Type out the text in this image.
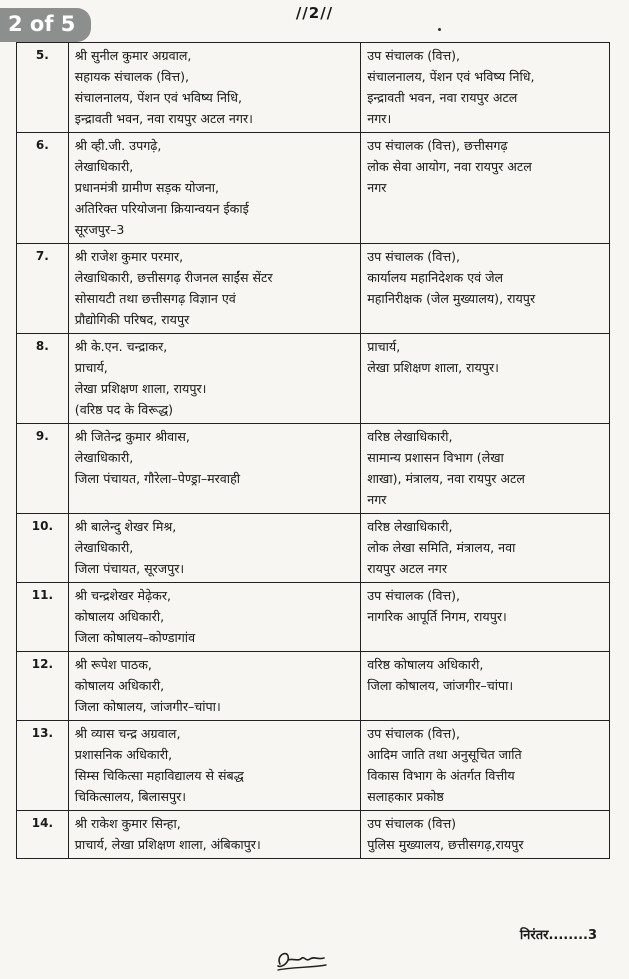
2 of 5	//2//
5.	श्री सुनील कुमार अग्रवाल,
सहायक संचालक (वित्त),
संचालनालय, पेंशन एवं भविष्य निधि,
इन्द्रावती भवन, नवा रायपुर अटल नगर।	उप संचालक (वित्त),
संचालनालय, पेंशन एवं भविष्य निधि,
इन्द्रावती भवन, नवा रायपुर अटल
नगर।

6.	श्री व्ही.जी. उपगढ़े,
लेखाधिकारी,
प्रधानमंत्री ग्रामीण सड़क योजना,
अतिरिक्त परियोजना क्रियान्वयन ईकाई
सूरजपुर–3	उप संचालक (वित्त), छत्तीसगढ़
लोक सेवा आयोग, नवा रायपुर अटल
नगर

7.	श्री राजेश कुमार परमार,
लेखाधिकारी, छत्तीसगढ़ रीजनल साईंस सेंटर
सोसायटी तथा छत्तीसगढ़ विज्ञान एवं
प्रौद्योगिकी परिषद, रायपुर	उप संचालक (वित्त),
कार्यालय महानिदेशक एवं जेल
महानिरीक्षक (जेल मुख्यालय), रायपुर

8.	श्री के.एन. चन्द्राकर,
प्राचार्य,
लेखा प्रशिक्षण शाला, रायपुर।
(वरिष्ठ पद के विरूद्ध)	प्राचार्य,
लेखा प्रशिक्षण शाला, रायपुर।

9.	श्री जितेन्द्र कुमार श्रीवास,
लेखाधिकारी,
जिला पंचायत, गौरेला–पेण्ड्रा–मरवाही	वरिष्ठ लेखाधिकारी,
सामान्य प्रशासन विभाग (लेखा
शाखा), मंत्रालय, नवा रायपुर अटल
नगर

10.	श्री बालेन्दु शेखर मिश्र,
लेखाधिकारी,
जिला पंचायत, सूरजपुर।	वरिष्ठ लेखाधिकारी,
लोक लेखा समिति, मंत्रालय, नवा
रायपुर अटल नगर

11.	श्री चन्द्रशेखर मेढ़ेकर,
कोषालय अधिकारी,
जिला कोषालय–कोण्डागांव	उप संचालक (वित्त),
नागरिक आपूर्ति निगम, रायपुर।

12.	श्री रूपेश पाठक,
कोषालय अधिकारी,
जिला कोषालय, जांजगीर–चांपा।	वरिष्ठ कोषालय अधिकारी,
जिला कोषालय, जांजगीर–चांपा।

13.	श्री व्यास चन्द्र अग्रवाल,
प्रशासनिक अधिकारी,
सिम्स चिकित्सा महाविद्यालय से संबद्ध
चिकित्सालय, बिलासपुर।	उप संचालक (वित्त),
आदिम जाति तथा अनुसूचित जाति
विकास विभाग के अंतर्गत वित्तीय
सलाहकार प्रकोष्ठ

14.	श्री राकेश कुमार सिन्हा,
प्राचार्य, लेखा प्रशिक्षण शाला, अंबिकापुर।	उप संचालक (वित्त)
पुलिस मुख्यालय, छत्तीसगढ़,रायपुर
निरंतर........3
